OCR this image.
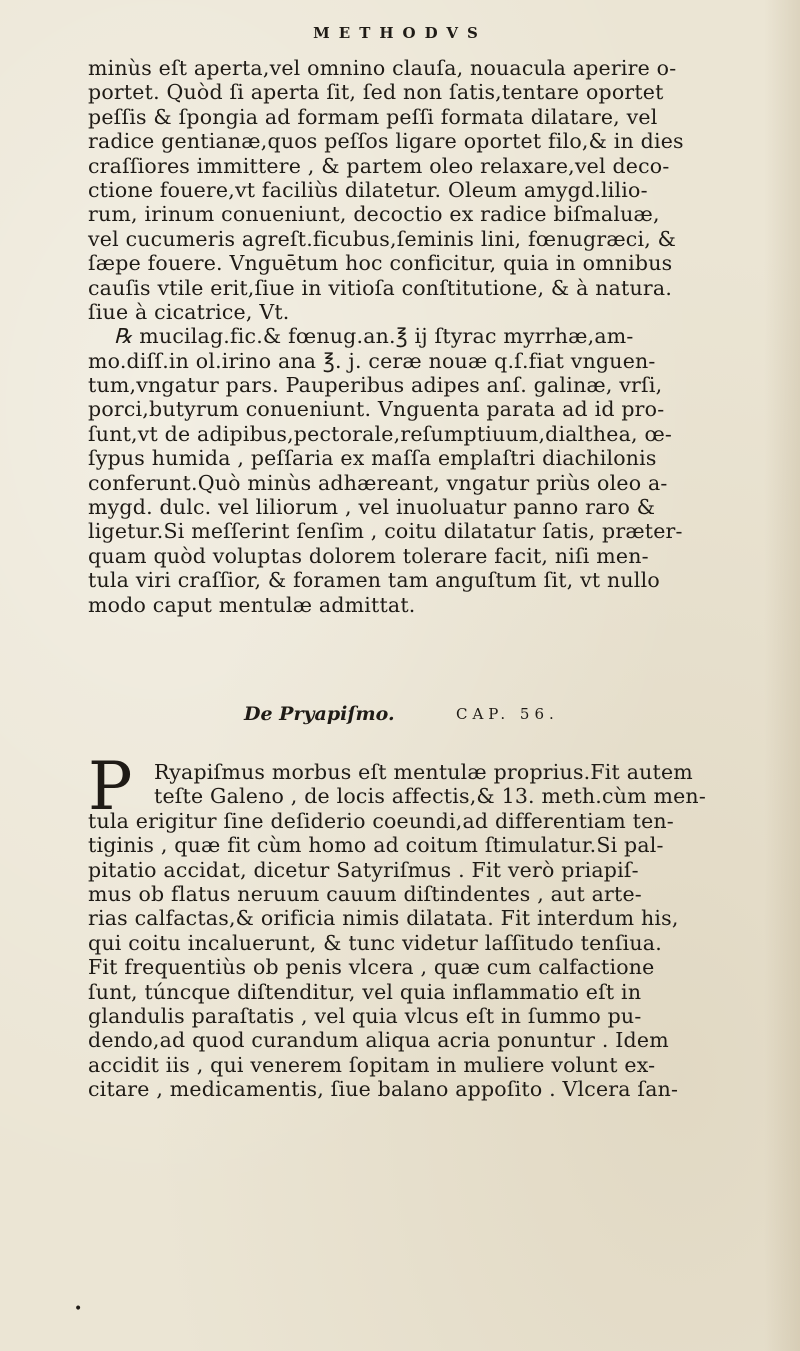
METHODVS
minùs eſt aperta,vel omnino clauſa, nouacula aperire o-
portet. Quòd ſi aperta ſit, ſed non ſatis,tentare oportet
peſſis & ſpongia ad formam peſſi formata dilatare, vel
radice gentianæ,quos peſſos ligare oportet filo,& in dies
craſſiores immittere , & partem oleo relaxare,vel deco-
ctione fouere,vt faciliùs dilatetur. Oleum amygd.lilio-
rum, irinum conueniunt, decoctio ex radice biſmaluæ,
vel cucumeris agreſt.ficubus,ſeminis lini, fœnugræci, &
ſæpe fouere. Vnguētum hoc conficitur, quia in omnibus
cauſis vtile erit,ſiue in vitioſa conſtitutione, & à natura.
ſiue à cicatrice, Vt.
℞ mucilag.fic.& fœnug.an.℥ ij ſtyrac myrrhæ,am-
mo.diſſ.in ol.irino ana ℥. j. ceræ nouæ q.ſ.fiat vnguen-
tum,vngatur pars. Pauperibus adipes anſ. galinæ, vrſi,
porci,butyrum conueniunt. Vnguenta parata ad id pro-
ſunt,vt de adipibus,pectorale,reſumptiuum,dialthea, œ-
ſypus humida , peſſaria ex maſſa emplaſtri diachilonis
conferunt.Quò minùs adhæreant, vngatur priùs oleo a-
mygd. dulc. vel liliorum , vel inuoluatur panno raro &
ligetur.Si meſſerint ſenſim , coitu dilatatur ſatis, præter-
quam quòd voluptas dolorem tolerare facit, niſi men-
tula viri craſſior, & foramen tam anguſtum ſit, vt nullo
modo caput mentulæ admittat.
De Pryapiſmo.	CAP. 56.
P	Ryapiſmus morbus eſt mentulæ proprius.Fit autem
teſte Galeno , de locis affectis,& 13. meth.cùm men-
tula erigitur ſine deſiderio coeundi,ad differentiam ten-
tiginis , quæ fit cùm homo ad coitum ſtimulatur.Si pal-
pitatio accidat, dicetur Satyriſmus . Fit verò priapiſ-
mus ob flatus neruum cauum diſtindentes , aut arte-
rias calfactas,& orificia nimis dilatata. Fit interdum his,
qui coitu incaluerunt, & tunc videtur laſſitudo tenſiua.
Fit frequentiùs ob penis vlcera , quæ cum calfactione
ſunt, túncque diſtenditur, vel quia inflammatio eſt in
glandulis paraſtatis , vel quia vlcus eſt in ſummo pu-
dendo,ad quod curandum aliqua acria ponuntur . Idem
accidit iis , qui venerem ſopitam in muliere volunt ex-
citare , medicamentis, ſiue balano appoſito . Vlcera ſan-
•
